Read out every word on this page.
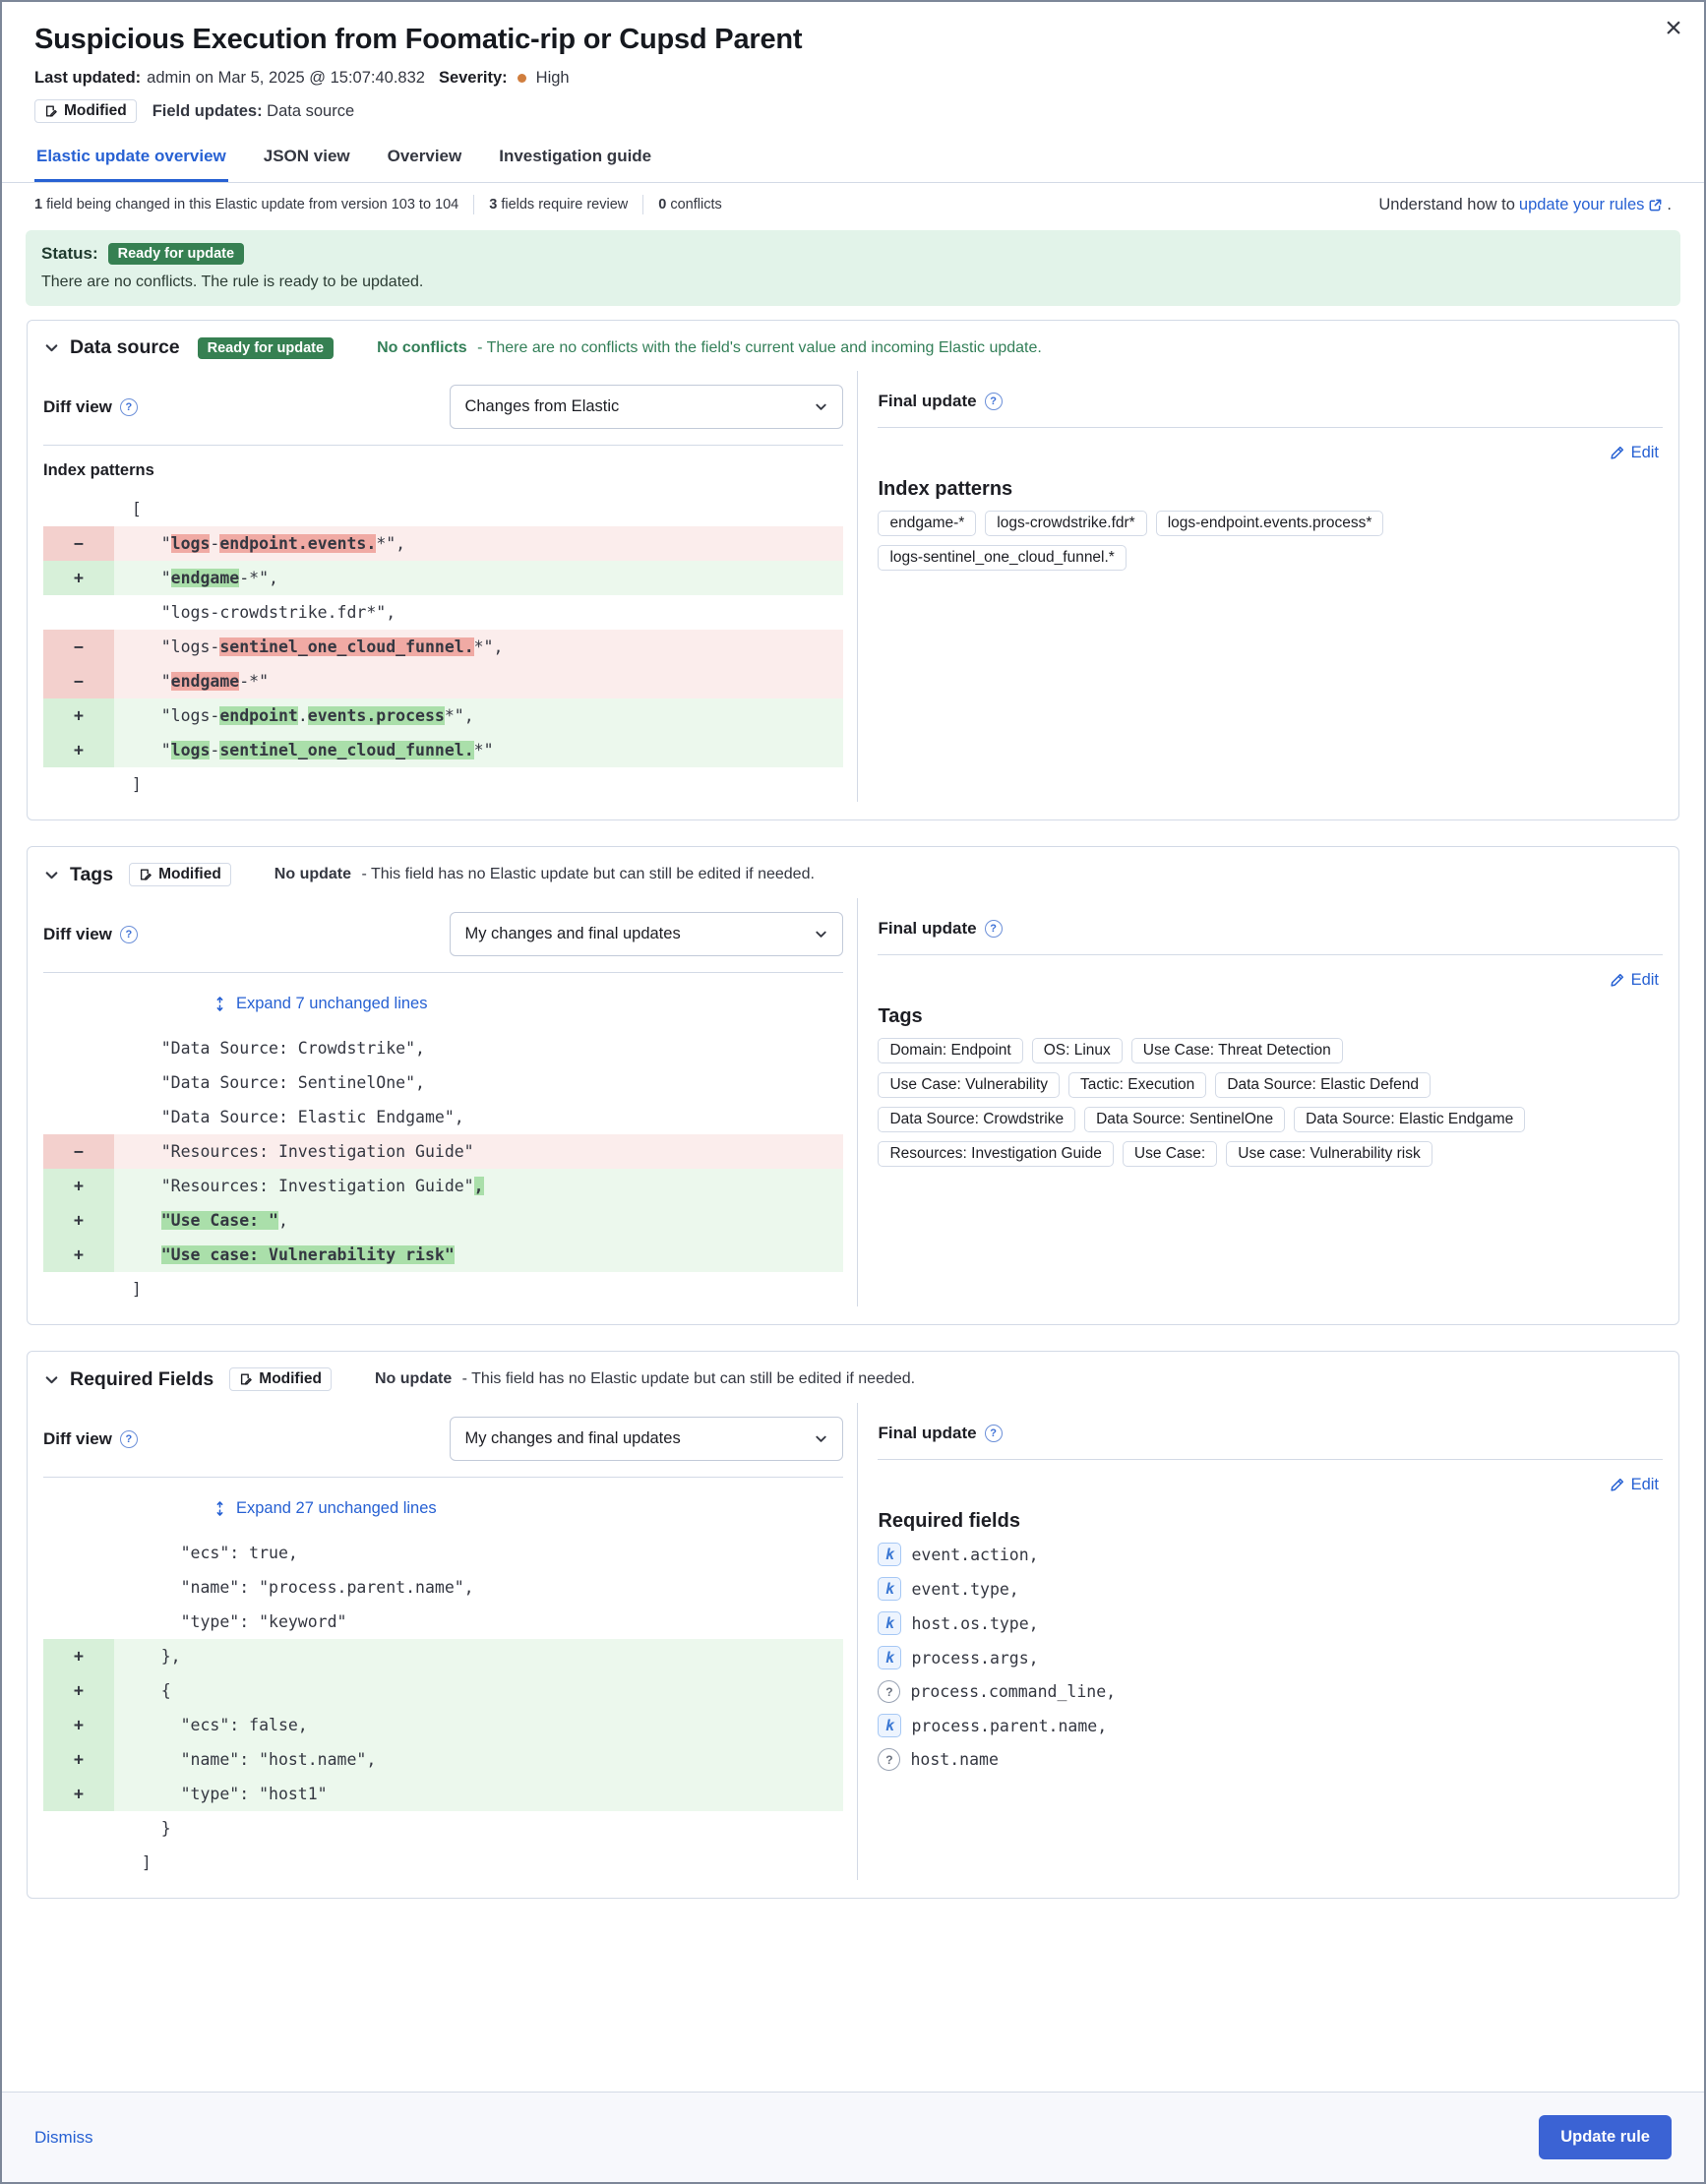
×
Suspicious Execution from Foomatic-rip or Cupsd Parent
Last updated: admin on Mar 5, 2025 @ 15:07:40.832 Severity: High
Modified Field updates: Data source
Elastic update overview JSON view Overview Investigation guide
1 field being changed in this Elastic update from version 103 to 104 3 fields require review 0 conflicts	Understand how to update your rules .
Status:	Ready for update
There are no conflicts. The rule is ready to be updated.
Data source	Ready for update	No conflicts - There are no conflicts with the field's current value and incoming Elastic update.
Diff view ?	Changes from Elastic
Index patterns
[
−	"logs-endpoint.events.*",
+	"endgame-*",
"logs-crowdstrike.fdr*",
−	"logs-sentinel_one_cloud_funnel.*",
−	"endgame-*"
+	"logs-endpoint.events.process*",
+	"logs-sentinel_one_cloud_funnel.*"
]
Final update
?
Edit
Index patterns
endgame-*	logs-crowdstrike.fdr*	logs-endpoint.events.process*
logs-sentinel_one_cloud_funnel.*
Tags	Modified	No update - This field has no Elastic update but can still be edited if needed.
Diff view ?	My changes and final updates
Expand 7 unchanged lines
"Data Source: Crowdstrike",
"Data Source: SentinelOne",
"Data Source: Elastic Endgame",
−	"Resources: Investigation Guide"
+	"Resources: Investigation Guide",
+	"Use Case: ",
+	"Use case: Vulnerability risk"
]
Final update
?
Edit
Tags
Domain: Endpoint	OS: Linux	Use Case: Threat Detection
Use Case: Vulnerability	Tactic: Execution	Data Source: Elastic Defend
Data Source: Crowdstrike	Data Source: SentinelOne	Data Source: Elastic Endgame
Resources: Investigation Guide	Use Case:	Use case: Vulnerability risk
Required Fields	Modified	No update - This field has no Elastic update but can still be edited if needed.
Diff view ?	My changes and final updates
Expand 27 unchanged lines
"ecs": true,
"name": "process.parent.name",
"type": "keyword"
+	},
+	{
+	"ecs": false,
+	"name": "host.name",
+	"type": "host1"
}
]
Final update
?
Edit
Required fields
k	event.action,
k	event.type,
k	host.os.type,
k	process.args,
?	process.command_line,
k	process.parent.name,
?	host.name
Dismiss	Update rule
